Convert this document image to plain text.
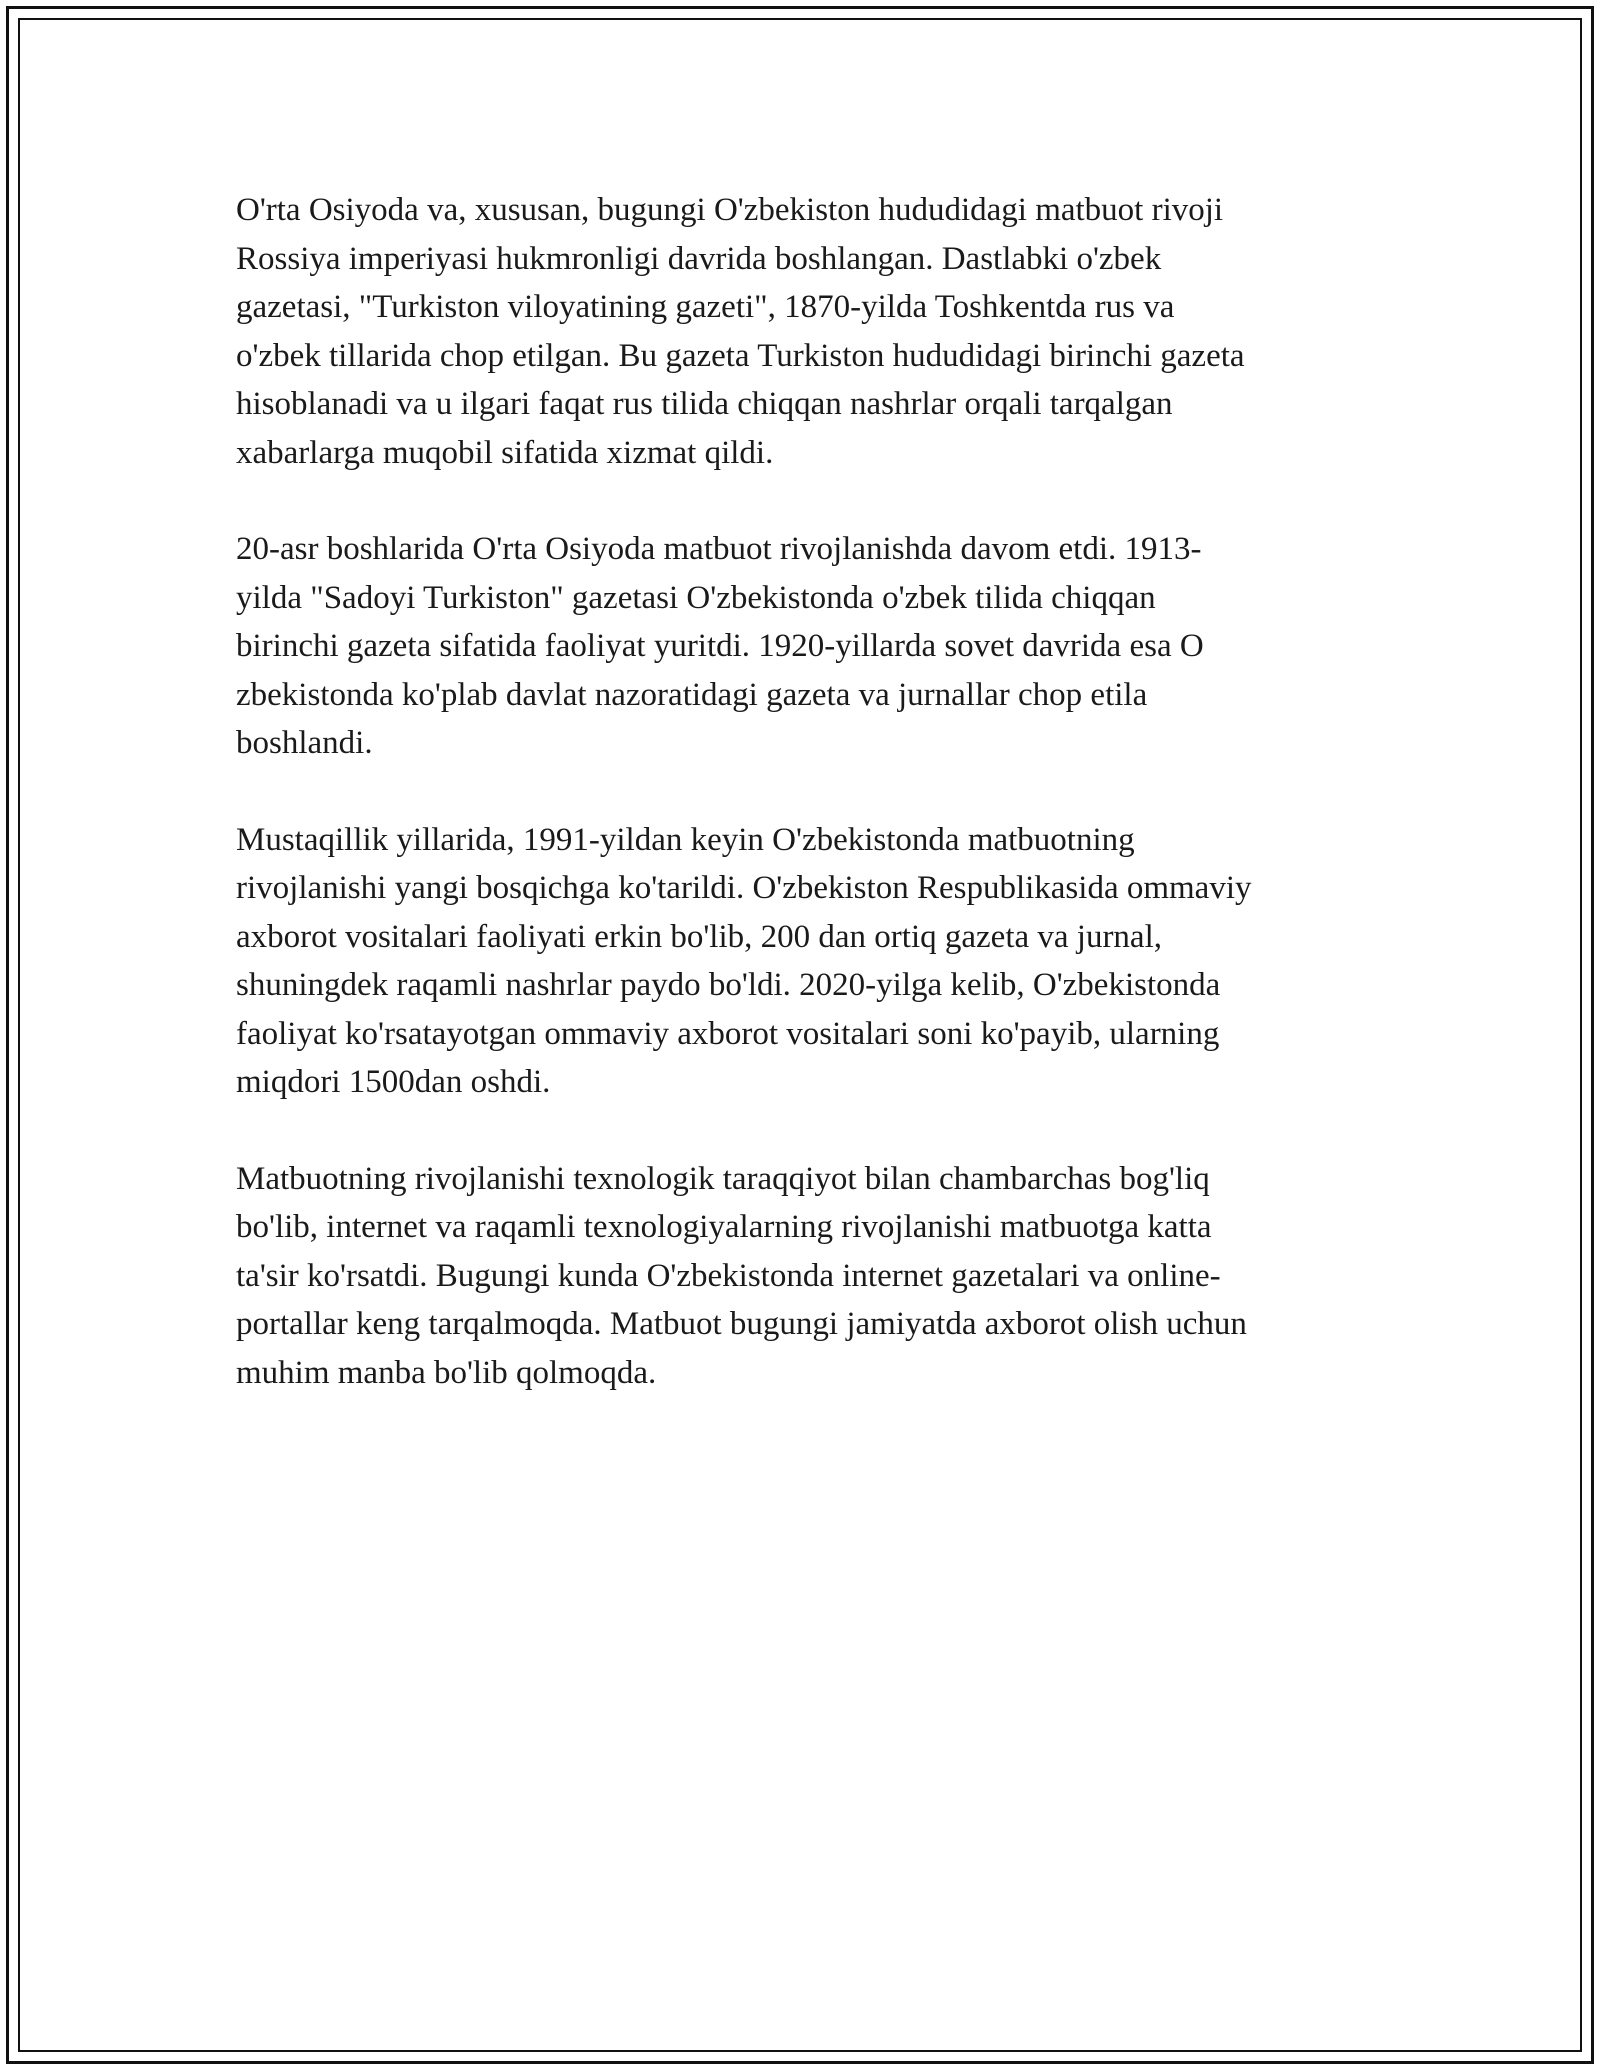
O'rta Osiyoda va, xususan, bugungi O'zbekiston hududidagi matbuot rivoji
Rossiya imperiyasi hukmronligi davrida boshlangan. Dastlabki o'zbek
gazetasi, "Turkiston viloyatining gazeti", 1870-yilda Toshkentda rus va
o'zbek tillarida chop etilgan. Bu gazeta Turkiston hududidagi birinchi gazeta
hisoblanadi va u ilgari faqat rus tilida chiqqan nashrlar orqali tarqalgan
xabarlarga muqobil sifatida xizmat qildi.

20-asr boshlarida O'rta Osiyoda matbuot rivojlanishda davom etdi. 1913-
yilda "Sadoyi Turkiston" gazetasi O'zbekistonda o'zbek tilida chiqqan
birinchi gazeta sifatida faoliyat yuritdi. 1920-yillarda sovet davrida esa O
zbekistonda ko'plab davlat nazoratidagi gazeta va jurnallar chop etila
boshlandi.

Mustaqillik yillarida, 1991-yildan keyin O'zbekistonda matbuotning
rivojlanishi yangi bosqichga ko'tarildi. O'zbekiston Respublikasida ommaviy
axborot vositalari faoliyati erkin bo'lib, 200 dan ortiq gazeta va jurnal,
shuningdek raqamli nashrlar paydo bo'ldi. 2020-yilga kelib, O'zbekistonda
faoliyat ko'rsatayotgan ommaviy axborot vositalari soni ko'payib, ularning
miqdori 1500dan oshdi.

Matbuotning rivojlanishi texnologik taraqqiyot bilan chambarchas bog'liq
bo'lib, internet va raqamli texnologiyalarning rivojlanishi matbuotga katta
ta'sir ko'rsatdi. Bugungi kunda O'zbekistonda internet gazetalari va online-
portallar keng tarqalmoqda. Matbuot bugungi jamiyatda axborot olish uchun
muhim manba bo'lib qolmoqda.
